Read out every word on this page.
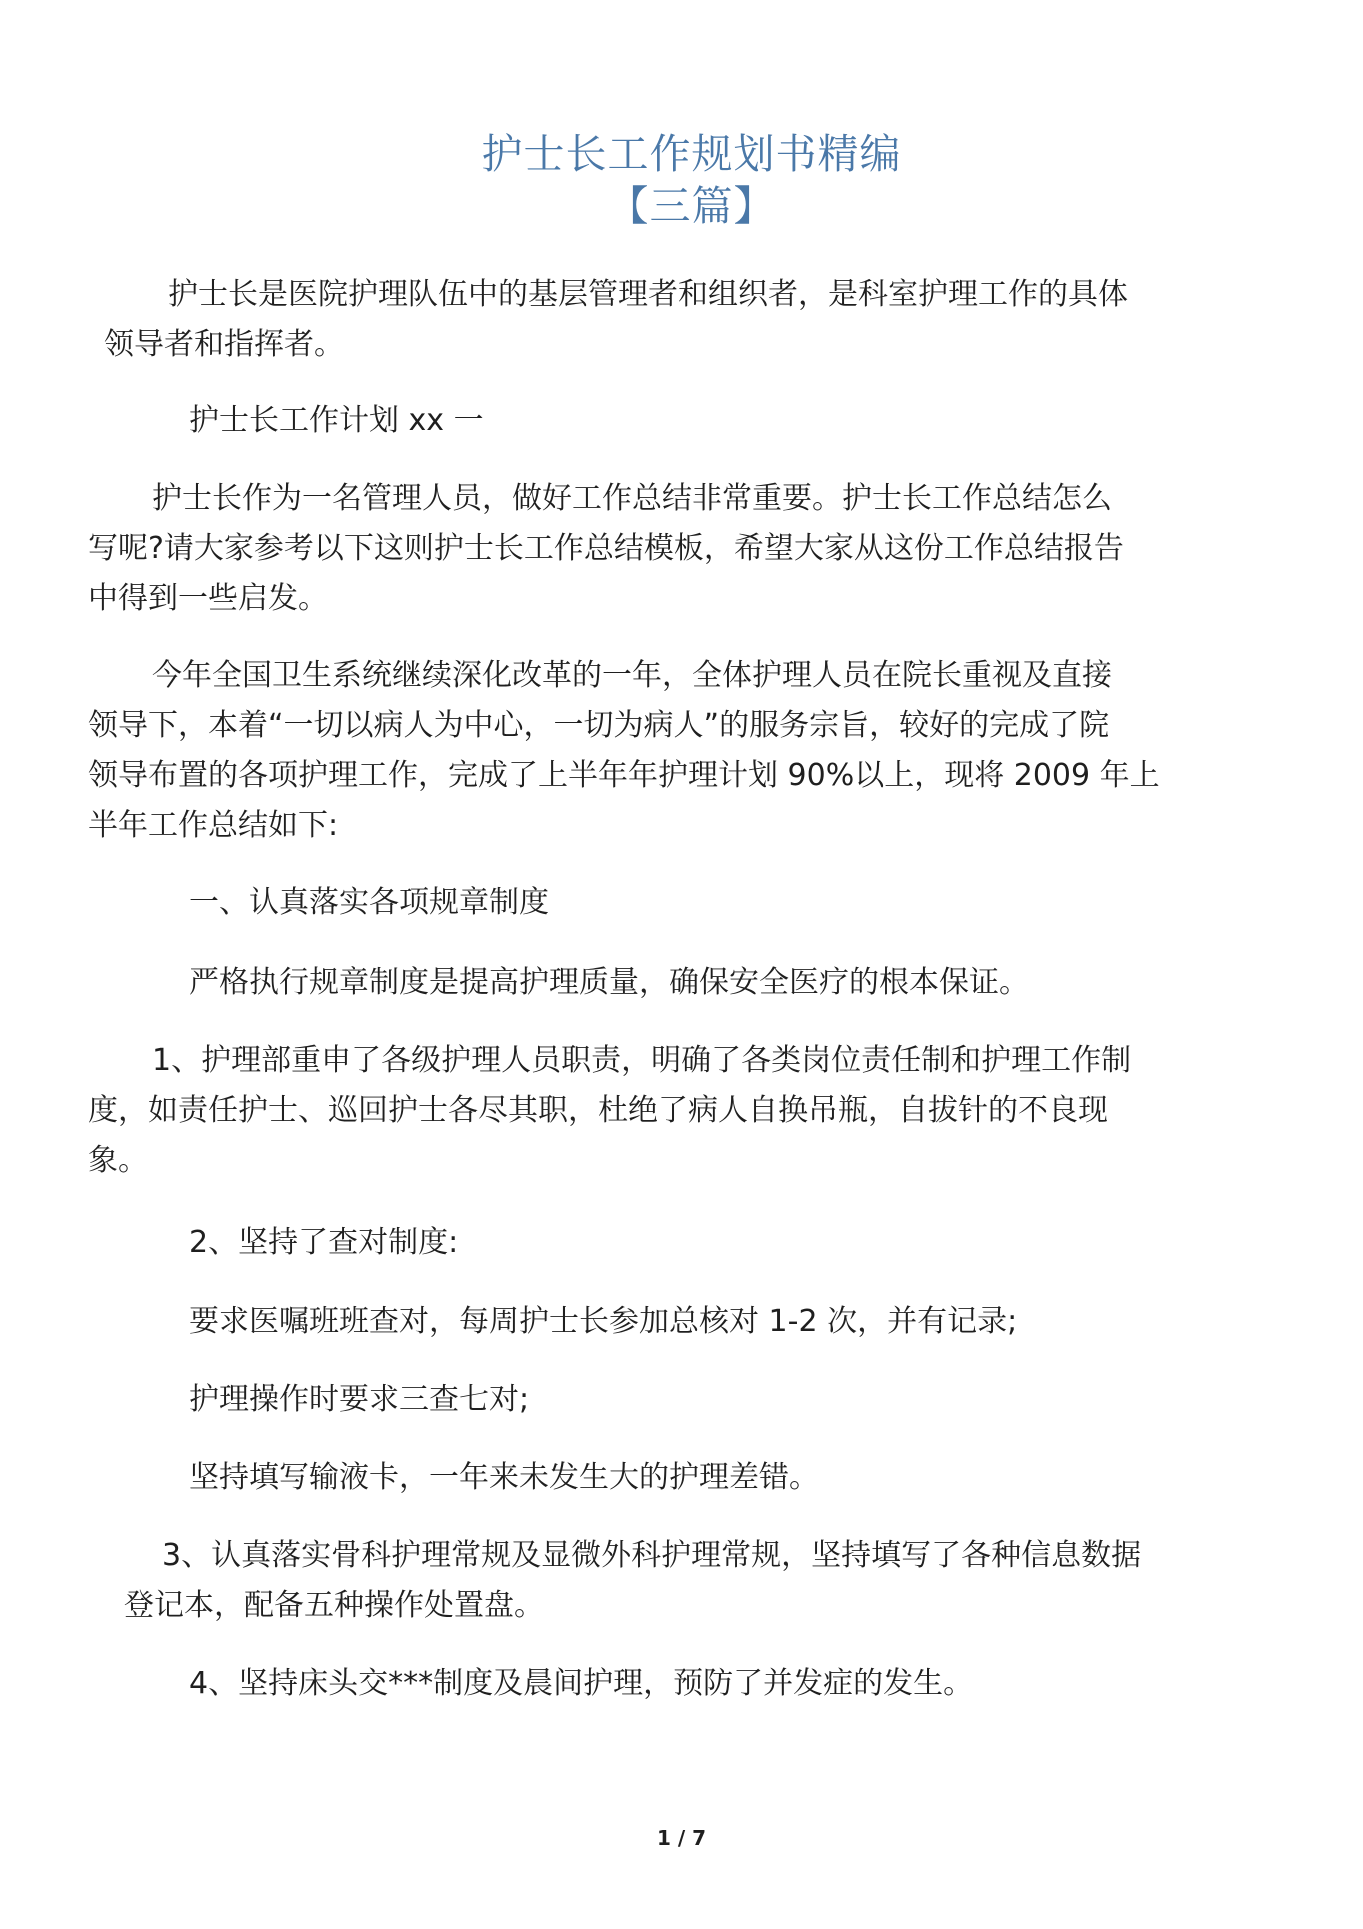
护士长工作规划书精编
【三篇】
护士长是医院护理队伍中的基层管理者和组织者，是科室护理工作的具体
领导者和指挥者。
护士长工作计划 xx 一
护士长作为一名管理人员，做好工作总结非常重要。护士长工作总结怎么
写呢?请大家参考以下这则护士长工作总结模板，希望大家从这份工作总结报告
中得到一些启发。
今年全国卫生系统继续深化改革的一年，全体护理人员在院长重视及直接
领导下，本着“一切以病人为中心，一切为病人”的服务宗旨，较好的完成了院
领导布置的各项护理工作，完成了上半年年护理计划 90%以上，现将 2009 年上
半年工作总结如下:
一、认真落实各项规章制度
严格执行规章制度是提高护理质量，确保安全医疗的根本保证。
1、护理部重申了各级护理人员职责，明确了各类岗位责任制和护理工作制
度，如责任护士、巡回护士各尽其职，杜绝了病人自换吊瓶，自拔针的不良现
象。
2、坚持了查对制度:
要求医嘱班班查对，每周护士长参加总核对 1-2 次，并有记录;
护理操作时要求三查七对;
坚持填写输液卡，一年来未发生大的护理差错。
3、认真落实骨科护理常规及显微外科护理常规，坚持填写了各种信息数据
登记本，配备五种操作处置盘。
4、坚持床头交***制度及晨间护理，预防了并发症的发生。
1 / 7
